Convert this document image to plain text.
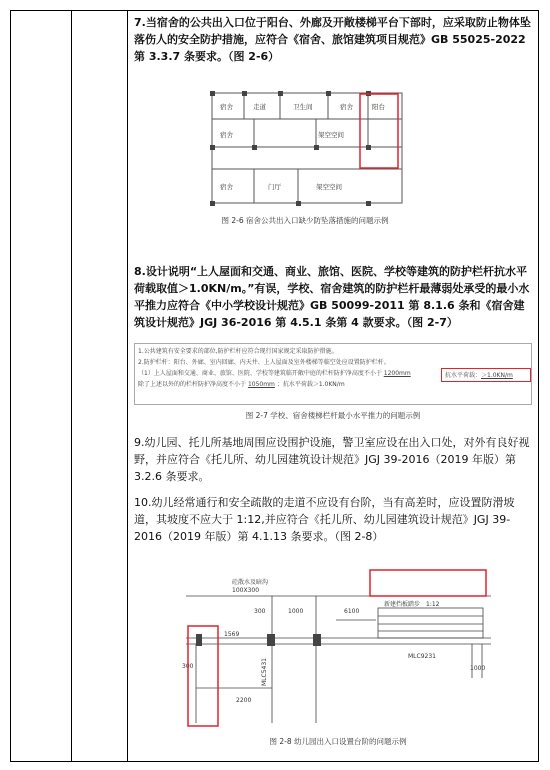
7.当宿舍的公共出入口位于阳台、外廊及开敞楼梯平台下部时，应采取防止物体坠落伤人的安全防护措施，应符合《宿舍、旅馆建筑项目规范》GB 55025-2022 第 3.3.7 条要求。（图 2-6）
宿舍	走道	卫生间	宿舍	阳台
宿舍	架空空间
宿舍	门厅	架空空间
图 2-6 宿舍公共出入口缺少防坠落措施的问题示例
8.设计说明“上人屋面和交通、商业、旅馆、医院、学校等建筑的防护栏杆抗水平荷载取值＞1.0KN/m。”有误，学校、宿舍建筑的防护栏杆最薄弱处承受的最小水平推力应符合《中小学校设计规范》GB 50099-2011 第 8.1.6 条和《宿舍建筑设计规范》JGJ 36-2016 第 4.5.1 条第 4 款要求。（图 2-7）
1.公共建筑有安全要求的部位,防护栏杆应符合现行国家规定采取防护措施。
2.防护栏杆：阳台、外廊、室内回廊、内天井、上人屋面及室外楼梯等临空处应设置防护栏杆。
（1）上人屋面和交通、商业、旅馆、医院、学校等建筑临开敞中庭的栏杆防护净高度不小于 1200mm
除了上述以外的的栏杆防护净高度不小于 1050mm ；抗水平荷载＞1.0KN/m
抗水平荷载：＞1.0KN/m
图 2-7 学校、宿舍楼梯栏杆最小水平推力的问题示例
9.幼儿园、托儿所基地周围应设围护设施，警卫室应设在出入口处，对外有良好视野，并应符合《托儿所、幼儿园建筑设计规范》JGJ 39-2016（2019 年版）第 3.2.6 条要求。
10.幼儿经常通行和安全疏散的走道不应设有台阶，当有高差时，应设置防滑坡道，其坡度不应大于 1:12,并应符合《托儿所、幼儿园建筑设计规范》JGJ 39-2016（2019 年版）第 4.1.13 条要求。（图 2-8）
砼散水及暗沟
100X300
300	1000	6100
1569
300
2200
MLC5431
MLC9231
1000
新建挡板踏步 1:12
图 2-8 幼儿园出入口设置台阶的问题示例
